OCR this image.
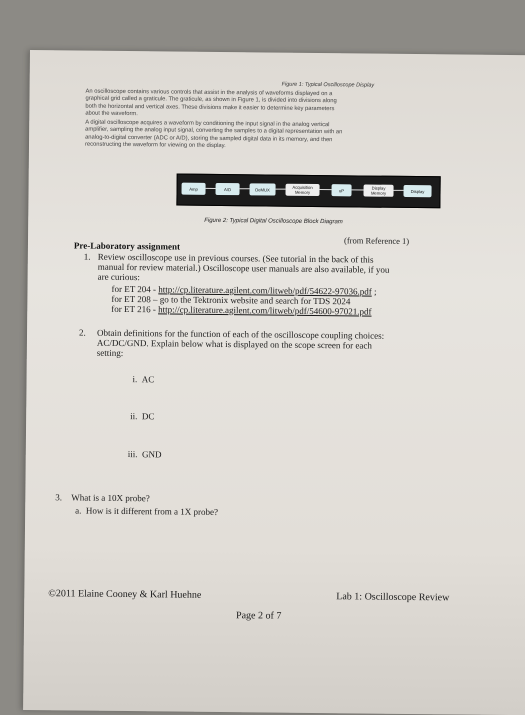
Figure 1: Typical Oscilloscope Display
An oscilloscope contains various controls that assist in the analysis of waveforms displayed on a
graphical grid called a graticule. The graticule, as shown in Figure 1, is divided into divisions along
both the horizontal and vertical axes. These divisions make it easier to determine key parameters
about the waveform.
A digital oscilloscope acquires a waveform by conditioning the input signal in the analog vertical
amplifier, sampling the analog input signal, converting the samples to a digital representation with an
analog-to-digital converter (ADC or A/D), storing the sampled digital data in its memory, and then
reconstructing the waveform for viewing on the display.
Amp	A/D	DeMUX	Acquisition Memory	uP	Display Memory	Display
Figure 2: Typical Digital Oscilloscope Block Diagram
(from Reference 1)
Pre-Laboratory assignment
1. Review oscilloscope use in previous courses. (See tutorial in the back of this
manual for review material.) Oscilloscope user manuals are also available, if you
are curious:
for ET 204 - http://cp.literature.agilent.com/litweb/pdf/54622-97036.pdf ;
for ET 208 – go to the Tektronix website and search for TDS 2024
for ET 216 - http://cp.literature.agilent.com/litweb/pdf/54600-97021.pdf
2. Obtain definitions for the function of each of the oscilloscope coupling choices:
AC/DC/GND. Explain below what is displayed on the scope screen for each
setting:
i. AC
ii. DC
iii. GND
3. What is a 10X probe?
a. How is it different from a 1X probe?
©2011 Elaine Cooney & Karl Huehne	Lab 1: Oscilloscope Review
Page 2 of 7
